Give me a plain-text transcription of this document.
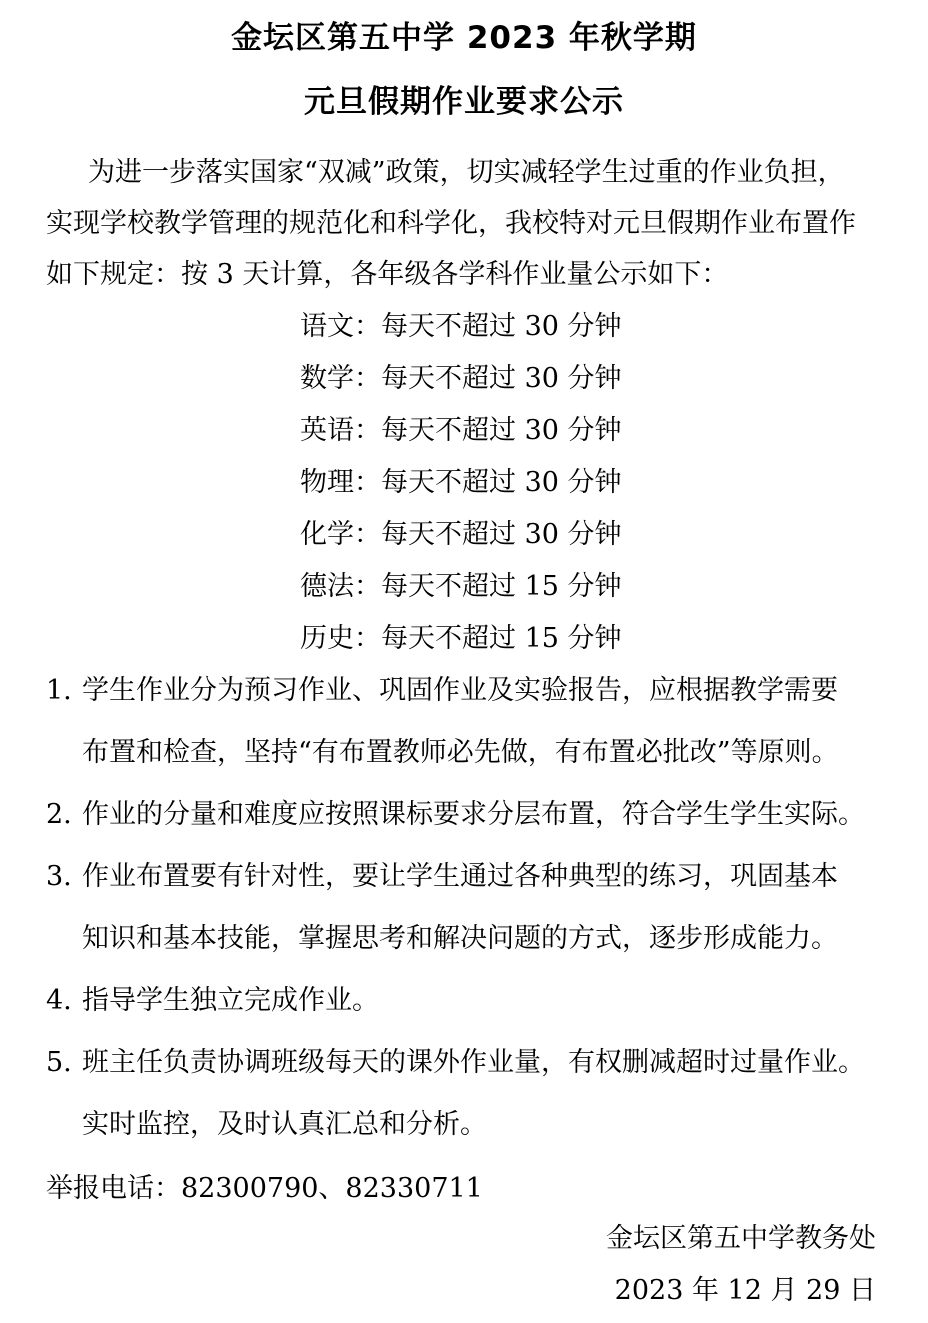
金坛区第五中学 2023 年秋学期
元旦假期作业要求公示
为进一步落实国家“双减”政策，切实减轻学生过重的作业负担，
实现学校教学管理的规范化和科学化，我校特对元旦假期作业布置作
如下规定：按 3 天计算，各年级各学科作业量公示如下：
语文：每天不超过 30 分钟
数学：每天不超过 30 分钟
英语：每天不超过 30 分钟
物理：每天不超过 30 分钟
化学：每天不超过 30 分钟
德法：每天不超过 15 分钟
历史：每天不超过 15 分钟
1. 学生作业分为预习作业、巩固作业及实验报告，应根据教学需要
布置和检查，坚持“有布置教师必先做，有布置必批改”等原则。
2. 作业的分量和难度应按照课标要求分层布置，符合学生学生实际。
3. 作业布置要有针对性，要让学生通过各种典型的练习，巩固基本
知识和基本技能，掌握思考和解决问题的方式，逐步形成能力。
4. 指导学生独立完成作业。
5. 班主任负责协调班级每天的课外作业量，有权删减超时过量作业。
实时监控，及时认真汇总和分析。
举报电话：82300790、82330711
金坛区第五中学教务处
2023 年 12 月 29 日
